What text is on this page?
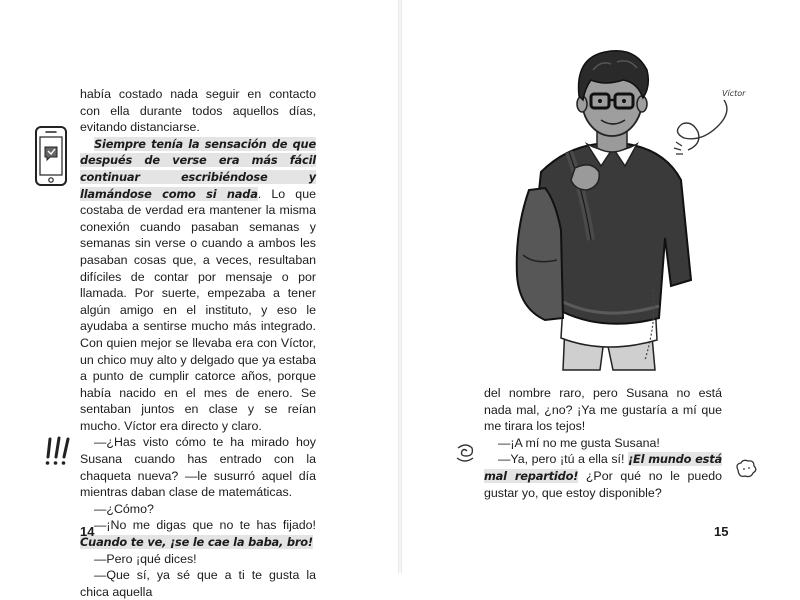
había costado nada seguir en contacto con ella durante todos aquellos días, evitando distanciarse.

Siempre tenía la sensación de que después de verse era más fácil continuar escribiéndose y llamándose como si nada. Lo que costaba de verdad era mantener la misma conexión cuando pasaban semanas y semanas sin verse o cuando a ambos les pasaban cosas que, a veces, resultaban difíciles de contar por mensaje o por llamada. Por suerte, empezaba a tener algún amigo en el instituto, y eso le ayudaba a sentirse mucho más integrado. Con quien mejor se llevaba era con Víctor, un chico muy alto y delgado que ya estaba a punto de cumplir catorce años, porque había nacido en el mes de enero. Se sentaban juntos en clase y se reían mucho. Víctor era directo y claro.

—¿Has visto cómo te ha mirado hoy Susana cuando has entrado con la chaqueta nueva? —le susurró aquel día mientras daban clase de matemáticas.

—¿Cómo?

—¡No me digas que no te has fijado! Cuando te ve, ¡se le cae la baba, bro!

—Pero ¡qué dices!

—Que sí, ya sé que a ti te gusta la chica aquella

14

del nombre raro, pero Susana no está nada mal, ¿no? ¡Ya me gustaría a mí que me tirara los tejos!

—¡A mí no me gusta Susana!

—Ya, pero ¡tú a ella sí! ¡El mundo está mal repartido! ¿Por qué no le puedo gustar yo, que estoy disponible?

15
Víctor
